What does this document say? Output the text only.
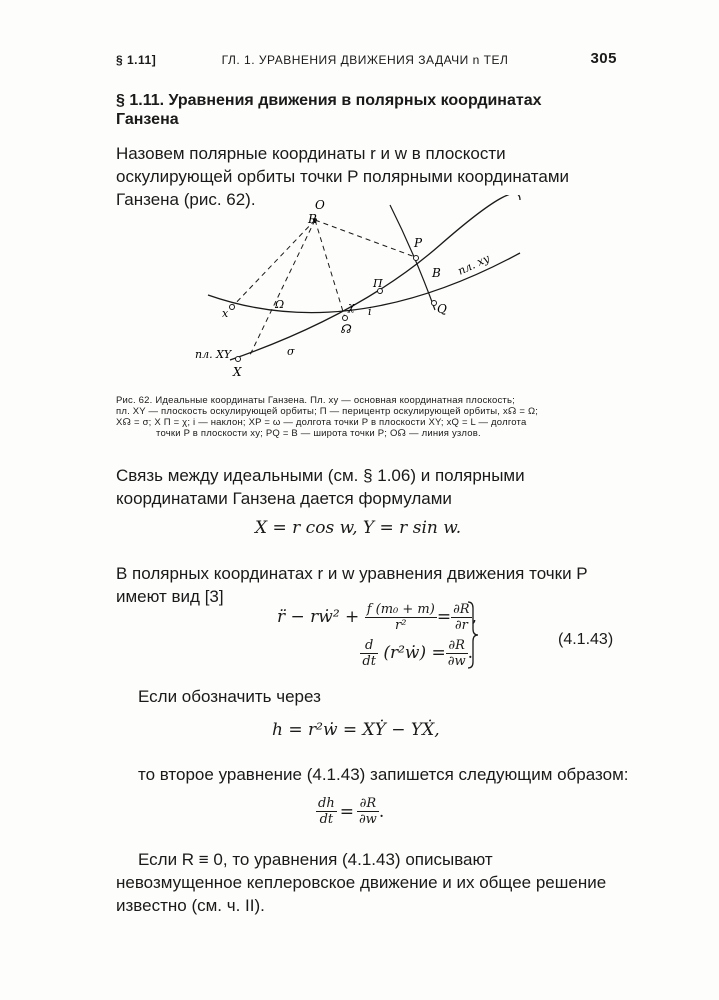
§ 1.11]	ГЛ. 1. УРАВНЕНИЯ ДВИЖЕНИЯ ЗАДАЧИ n ТЕЛ	305
§ 1.11. Уравнения движения в полярных координатах Ганзена
Назовем полярные координаты r и w в плоскости оскулирующей орбиты точки P полярными координатами Ганзена (рис. 62).	O
R
P
B
П
Q
χ i
☊
Ω
σ
x
X
пл. xy
пл. XY
Рис. 62. Идеальные координаты Ганзена. Пл. xy — основная координатная плоскость;
пл. XY — плоскость оскулирующей орбиты; П — перицентр оскулирующей орбиты, x☊ = Ω;
X☊ = σ; X П = χ; i — наклон; XP = ω — долгота точки P в плоскости XY; xQ = L — долгота
точки P в плоскости xy; PQ = B — широта точки P; O☊ — линия узлов.
Связь между идеальными (см. § 1.06) и полярными координатами Ганзена дается формулами
X = r cos w, Y = r sin w.
В полярных координатах r и w уравнения движения точки P имеют вид [3]
r̈ − rẇ² +
$\frac{\text{f (m₀ + m)}}{\text{r²}} = \frac{\partial R}{\partial r}$ ,
$\frac{d}{dt}$
(r²ẇ) = $\frac{\partial R}{\partial w}$ .
(4.1.43)
Если обозначить через
h = r²ẇ = XẎ − YẊ,
то второе уравнение (4.1.43) запишется следующим образом:
$\frac{dh}{dt} = \frac{\partial R}{\partial w}$ .
Если R ≡ 0, то уравнения (4.1.43) описывают невозмущенное кеплеровское движение и их общее решение известно (см. ч. II).
